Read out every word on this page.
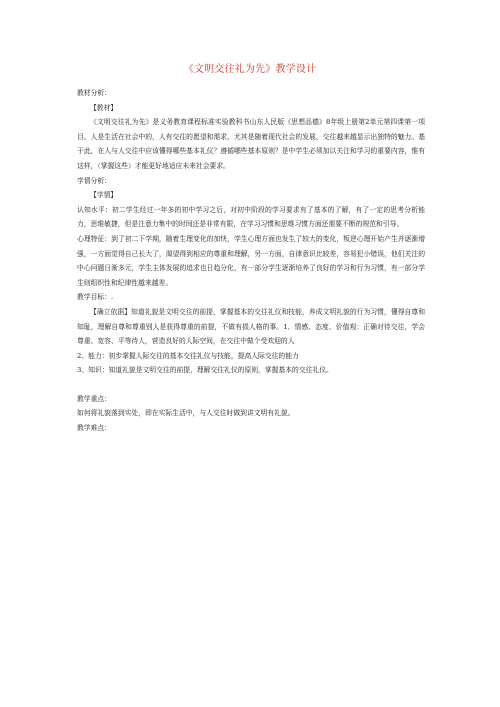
《文明交往礼为先》教学设计

教材分析：

【教材】

《文明交往礼为先》是义务教育课程标准实验教科书山东人民版《思想品德》8年级上册第2单元第四课第一项目。人是生活在社会中的，人有交往的愿望和需求，尤其是随着现代社会的发展，交往越来越显示出独特的魅力。基于此，在人与人交往中应该懂得哪些基本礼仪？遵循哪些基本原则？是中学生必须加以关注和学习的重要内容，惟有这样，（掌握这些）才能更好地适应未来社会要求。

学情分析：

【学情】

认知水平：初二学生经过一年多的初中学习之后，对初中阶段的学习要求有了基本的了解，有了一定的思考分析能力，思维敏捷，但是注意力集中的时间还是非常有限，在学习习惯和思维习惯方面还需要不断的规范和引导。

心理特征：到了初二下学期，随着生理变化的加快，学生心理方面也发生了较大的变化，叛逆心理开始产生并逐渐增强，一方面觉得自己长大了，渴望得到相应的尊重和理解，另一方面，自律意识比较差，容易犯小错误，他们关注的中心问题日渐多元，学生主体发展的追求也日趋分化，有一部分学生逐渐培养了良好的学习和行为习惯，有一部分学生则组织性和纪律性越来越差。

教学目标：.

【确立依据】知道礼貌是文明交往的前提，掌握基本的交往礼仪和技能，养成文明礼貌的行为习惯，懂得自尊和知耻，理解自尊和尊重别人是获得尊重的前提，不做有损人格的事。1、情感、态度、价值观：正确对待交往，学会尊重、宽容、平等待人，营造良好的人际空间，在交往中做个受欢迎的人

2、能力：初步掌握人际交往的基本交往礼仪与技能，提高人际交往的能力

3、知识：知道礼貌是文明交往的前提，理解交往礼仪的原则，掌握基本的交往礼仪。

教学重点：

如何将礼貌落到实处，即在实际生活中，与人交往时做到讲文明有礼貌。

教学难点：
